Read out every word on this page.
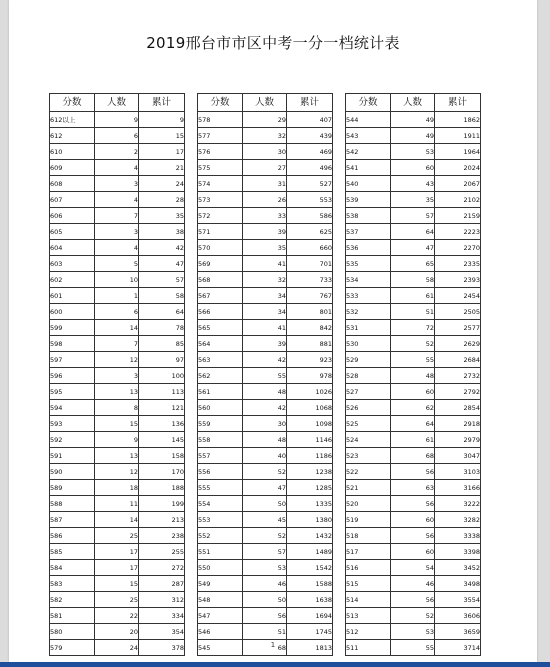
2019邢台市市区中考一分一档统计表
分数	人数	累计
612以上	9	9
612	6	15
610	2	17
609	4	21
608	3	24
607	4	28
606	7	35
605	3	38
604	4	42
603	5	47
602	10	57
601	1	58
600	6	64
599	14	78
598	7	85
597	12	97
596	3	100
595	13	113
594	8	121
593	15	136
592	9	145
591	13	158
590	12	170
589	18	188
588	11	199
587	14	213
586	25	238
585	17	255
584	17	272
583	15	287
582	25	312
581	22	334
580	20	354
579	24	378
分数	人数	累计
578	29	407
577	32	439
576	30	469
575	27	496
574	31	527
573	26	553
572	33	586
571	39	625
570	35	660
569	41	701
568	32	733
567	34	767
566	34	801
565	41	842
564	39	881
563	42	923
562	55	978
561	48	1026
560	42	1068
559	30	1098
558	48	1146
557	40	1186
556	52	1238
555	47	1285
554	50	1335
553	45	1380
552	52	1432
551	57	1489
550	53	1542
549	46	1588
548	50	1638
547	56	1694
546	51	1745
545	68	1813
分数	人数	累计
544	49	1862
543	49	1911
542	53	1964
541	60	2024
540	43	2067
539	35	2102
538	57	2159
537	64	2223
536	47	2270
535	65	2335
534	58	2393
533	61	2454
532	51	2505
531	72	2577
530	52	2629
529	55	2684
528	48	2732
527	60	2792
526	62	2854
525	64	2918
524	61	2979
523	68	3047
522	56	3103
521	63	3166
520	56	3222
519	60	3282
518	56	3338
517	60	3398
516	54	3452
515	46	3498
514	56	3554
513	52	3606
512	53	3659
511	55	3714
1
